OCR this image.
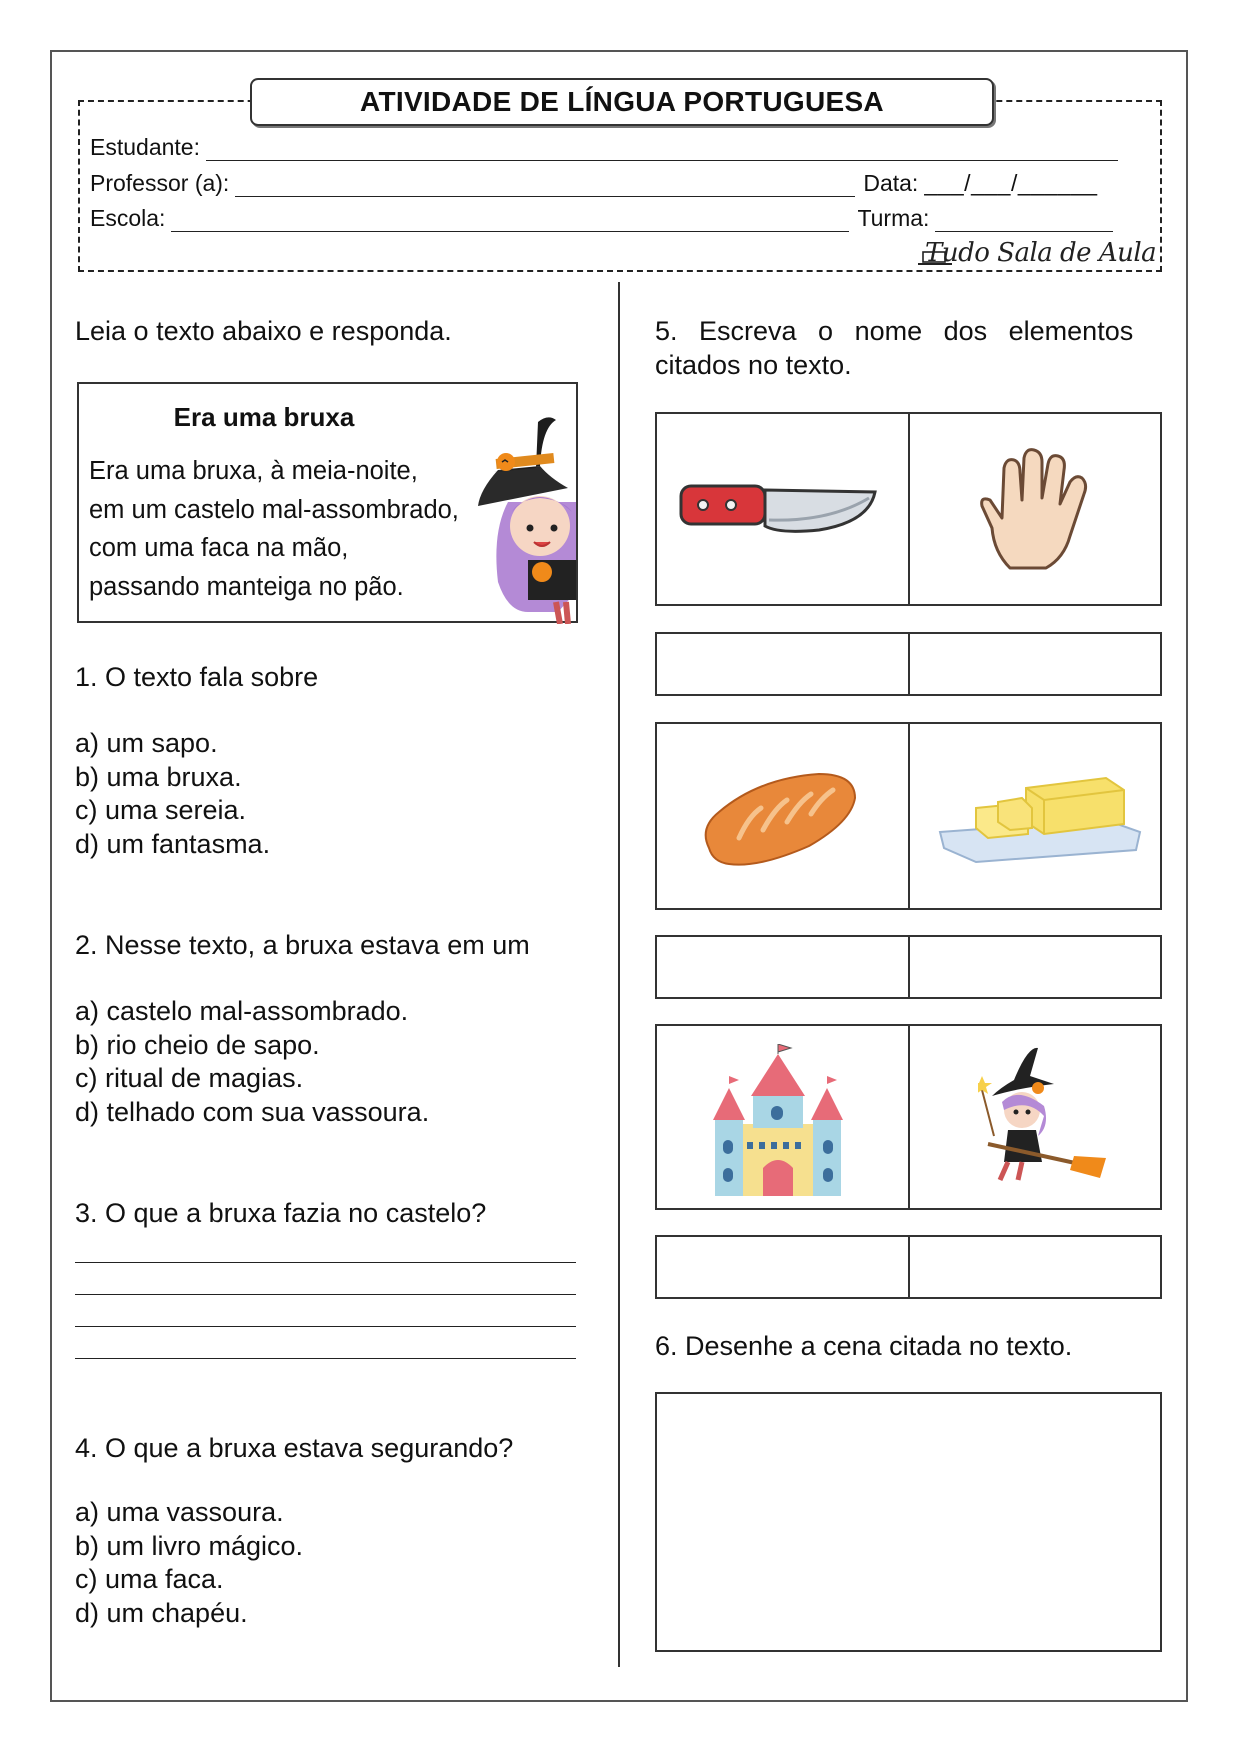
ATIVIDADE DE LÍNGUA PORTUGUESA
Estudante:
Professor (a):	Data: ___/___/______
Escola:	Turma:
Tudo Sala de Aula
Leia o texto abaixo e responda.
Era uma bruxa
Era uma bruxa, à meia-noite,
em um castelo mal-assombrado,
com uma faca na mão,
passando manteiga no pão.
1. O texto fala sobre
a) um sapo.
b) uma bruxa.
c) uma sereia.
d) um fantasma.
2. Nesse texto, a bruxa estava em um
a) castelo mal-assombrado.
b) rio cheio de sapo.
c) ritual de magias.
d) telhado com sua vassoura.
3. O que a bruxa fazia no castelo?
4. O que a bruxa estava segurando?
a) uma vassoura.
b) um livro mágico.
c) uma faca.
d) um chapéu.
5. Escreva o nome dos elementos
citados no texto.
6. Desenhe a cena citada no texto.
